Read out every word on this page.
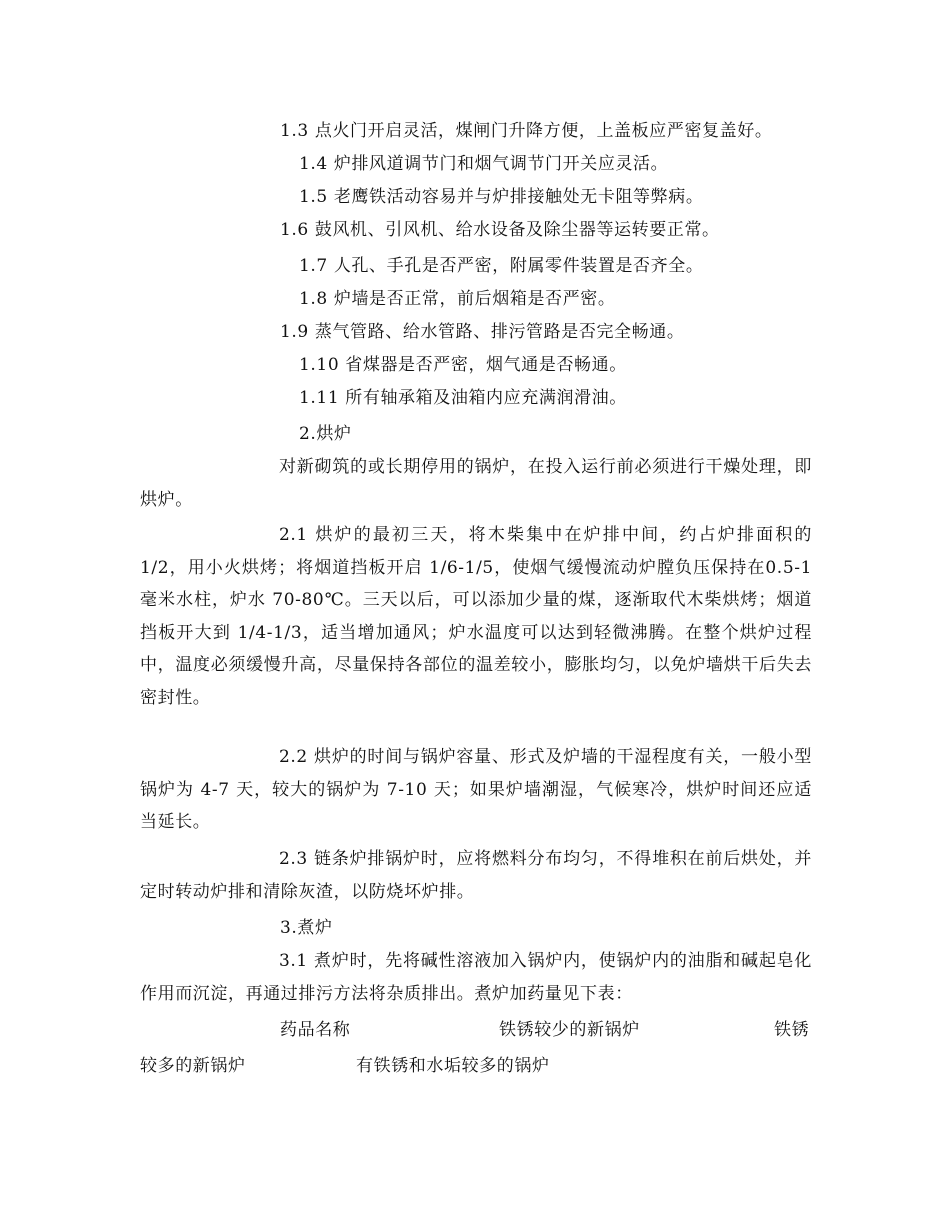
1.3 点火门开启灵活，煤闸门升降方便，上盖板应严密复盖好。
1.4 炉排风道调节门和烟气调节门开关应灵活。
1.5 老鹰铁活动容易并与炉排接触处无卡阻等弊病。
1.6 鼓风机、引风机、给水设备及除尘器等运转要正常。
1.7 人孔、手孔是否严密，附属零件装置是否齐全。
1.8 炉墙是否正常，前后烟箱是否严密。
1.9 蒸气管路、给水管路、排污管路是否完全畅通。
1.10 省煤器是否严密，烟气通是否畅通。
1.11 所有轴承箱及油箱内应充满润滑油。
2.烘炉

对新砌筑的或长期停用的锅炉，在投入运行前必须进行干燥处理，即烘炉。

2.1 烘炉的最初三天，将木柴集中在炉排中间，约占炉排面积的1/2，用小火烘烤；将烟道挡板开启 1/6-1/5，使烟气缓慢流动炉膛负压保持在0.5-1 毫米水柱，炉水 70-80℃。三天以后，可以添加少量的煤，逐渐取代木柴烘烤；烟道挡板开大到 1/4-1/3，适当增加通风；炉水温度可以达到轻微沸腾。在整个烘炉过程中，温度必须缓慢升高，尽量保持各部位的温差较小，膨胀均匀，以免炉墙烘干后失去密封性。

2.2 烘炉的时间与锅炉容量、形式及炉墙的干湿程度有关，一般小型锅炉为 4-7 天，较大的锅炉为 7-10 天；如果炉墙潮湿，气候寒冷，烘炉时间还应适当延长。

2.3 链条炉排锅炉时，应将燃料分布均匀，不得堆积在前后烘处，并定时转动炉排和清除灰渣，以防烧坏炉排。

3.煮炉

3.1 煮炉时，先将碱性溶液加入锅炉内，使锅炉内的油脂和碱起皂化作用而沉淀，再通过排污方法将杂质排出。煮炉加药量见下表：

药品名称	铁锈较少的新锅炉	铁锈
较多的新锅炉	有铁锈和水垢较多的锅炉
